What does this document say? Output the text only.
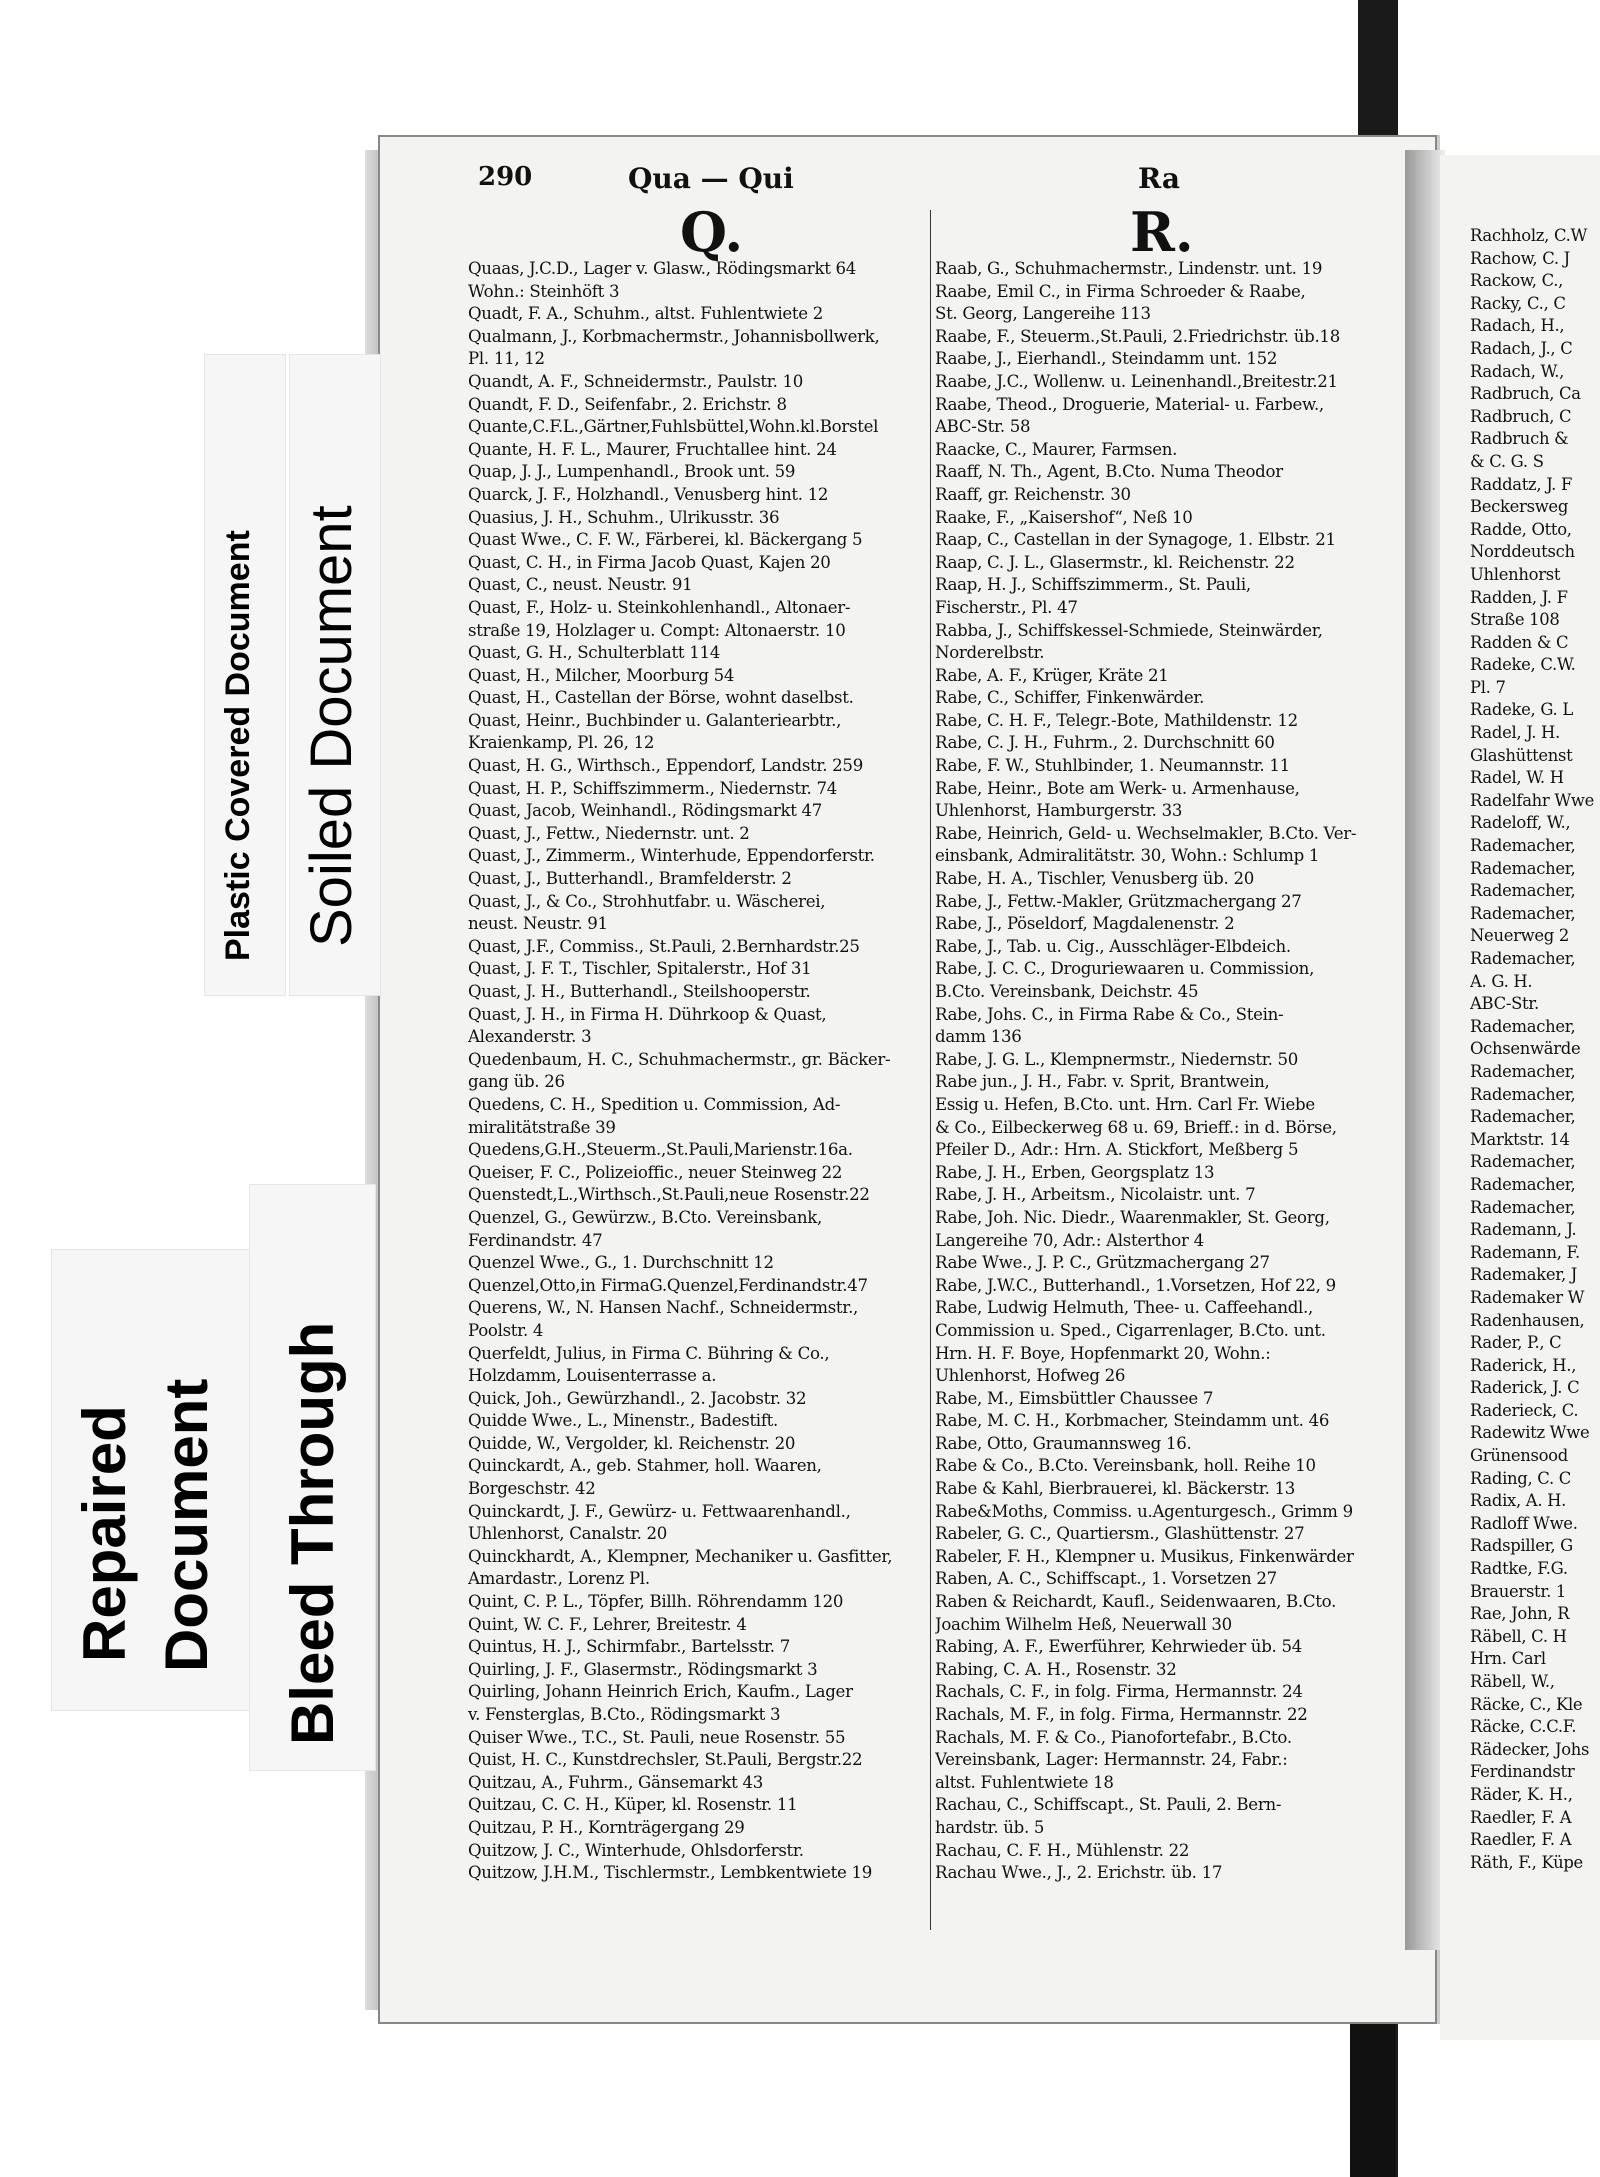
Rachholz, C.W
Rachow, C. J
Rackow, C.,
Racky, C., C
Radach, H.,
Radach, J., C
Radach, W.,
Radbruch, Ca
Radbruch, C
Radbruch &
& C. G. S
Raddatz, J. F
Beckersweg
Radde, Otto,
Norddeutsch
Uhlenhorst
Radden, J. F
Straße 108
Radden & C
Radeke, C.W.
Pl. 7
Radeke, G. L
Radel, J. H.
Glashüttenst
Radel, W. H
Radelfahr Wwe
Radeloff, W.,
Rademacher,
Rademacher,
Rademacher,
Rademacher,
Neuerweg 2
Rademacher,
A. G. H.
ABC-Str.
Rademacher,
Ochsenwärde
Rademacher,
Rademacher,
Rademacher,
Marktstr. 14
Rademacher,
Rademacher,
Rademacher,
Rademann, J.
Rademann, F.
Rademaker, J
Rademaker W
Radenhausen,
Rader, P., C
Raderick, H.,
Raderick, J. C
Raderieck, C.
Radewitz Wwe
Grünensood
Rading, C. C
Radix, A. H.
Radloff Wwe.
Radspiller, G
Radtke, F.G.
Brauerstr. 1
Rae, John, R
Räbell, C. H
Hrn. Carl
Räbell, W.,
Räcke, C., Kle
Räcke, C.C.F.
Rädecker, Johs
Ferdinandstr
Räder, K. H.,
Raedler, F. A
Raedler, F. A
Räth, F., Küpe
290	Qua — Qui	Ra
Q.	R.
Quaas, J.C.D., Lager v. Glasw., Rödingsmarkt 64
Wohn.: Steinhöft 3
Quadt, F. A., Schuhm., altst. Fuhlentwiete 2
Qualmann, J., Korbmachermstr., Johannisbollwerk,
Pl. 11, 12
Quandt, A. F., Schneidermstr., Paulstr. 10
Quandt, F. D., Seifenfabr., 2. Erichstr. 8
Quante,C.F.L.,Gärtner,Fuhlsbüttel,Wohn.kl.Borstel
Quante, H. F. L., Maurer, Fruchtallee hint. 24
Quap, J. J., Lumpenhandl., Brook unt. 59
Quarck, J. F., Holzhandl., Venusberg hint. 12
Quasius, J. H., Schuhm., Ulrikusstr. 36
Quast Wwe., C. F. W., Färberei, kl. Bäckergang 5
Quast, C. H., in Firma Jacob Quast, Kajen 20
Quast, C., neust. Neustr. 91
Quast, F., Holz- u. Steinkohlenhandl., Altonaer-
straße 19, Holzlager u. Compt: Altonaerstr. 10
Quast, G. H., Schulterblatt 114
Quast, H., Milcher, Moorburg 54
Quast, H., Castellan der Börse, wohnt daselbst.
Quast, Heinr., Buchbinder u. Galanteriearbtr.,
Kraienkamp, Pl. 26, 12
Quast, H. G., Wirthsch., Eppendorf, Landstr. 259
Quast, H. P., Schiffszimmerm., Niedernstr. 74
Quast, Jacob, Weinhandl., Rödingsmarkt 47
Quast, J., Fettw., Niedernstr. unt. 2
Quast, J., Zimmerm., Winterhude, Eppendorferstr.
Quast, J., Butterhandl., Bramfelderstr. 2
Quast, J., & Co., Strohhutfabr. u. Wäscherei,
neust. Neustr. 91
Quast, J.F., Commiss., St.Pauli, 2.Bernhardstr.25
Quast, J. F. T., Tischler, Spitalerstr., Hof 31
Quast, J. H., Butterhandl., Steilshooperstr.
Quast, J. H., in Firma H. Dührkoop & Quast,
Alexanderstr. 3
Quedenbaum, H. C., Schuhmachermstr., gr. Bäcker-
gang üb. 26
Quedens, C. H., Spedition u. Commission, Ad-
miralitätstraße 39
Quedens,G.H.,Steuerm.,St.Pauli,Marienstr.16a.
Queiser, F. C., Polizeioffic., neuer Steinweg 22
Quenstedt,L.,Wirthsch.,St.Pauli,neue Rosenstr.22
Quenzel, G., Gewürzw., B.Cto. Vereinsbank,
Ferdinandstr. 47
Quenzel Wwe., G., 1. Durchschnitt 12
Quenzel,Otto,in FirmaG.Quenzel,Ferdinandstr.47
Querens, W., N. Hansen Nachf., Schneidermstr.,
Poolstr. 4
Querfeldt, Julius, in Firma C. Bühring & Co.,
Holzdamm, Louisenterrasse a.
Quick, Joh., Gewürzhandl., 2. Jacobstr. 32
Quidde Wwe., L., Minenstr., Badestift.
Quidde, W., Vergolder, kl. Reichenstr. 20
Quinckardt, A., geb. Stahmer, holl. Waaren,
Borgeschstr. 42
Quinckardt, J. F., Gewürz- u. Fettwaarenhandl.,
Uhlenhorst, Canalstr. 20
Quinckhardt, A., Klempner, Mechaniker u. Gasfitter,
Amardastr., Lorenz Pl.
Quint, C. P. L., Töpfer, Billh. Röhrendamm 120
Quint, W. C. F., Lehrer, Breitestr. 4
Quintus, H. J., Schirmfabr., Bartelsstr. 7
Quirling, J. F., Glasermstr., Rödingsmarkt 3
Quirling, Johann Heinrich Erich, Kaufm., Lager
v. Fensterglas, B.Cto., Rödingsmarkt 3
Quiser Wwe., T.C., St. Pauli, neue Rosenstr. 55
Quist, H. C., Kunstdrechsler, St.Pauli, Bergstr.22
Quitzau, A., Fuhrm., Gänsemarkt 43
Quitzau, C. C. H., Küper, kl. Rosenstr. 11
Quitzau, P. H., Kornträgergang 29
Quitzow, J. C., Winterhude, Ohlsdorferstr.
Quitzow, J.H.M., Tischlermstr., Lembkentwiete 19
Raab, G., Schuhmachermstr., Lindenstr. unt. 19
Raabe, Emil C., in Firma Schroeder & Raabe,
St. Georg, Langereihe 113
Raabe, F., Steuerm.,St.Pauli, 2.Friedrichstr. üb.18
Raabe, J., Eierhandl., Steindamm unt. 152
Raabe, J.C., Wollenw. u. Leinenhandl.,Breitestr.21
Raabe, Theod., Droguerie, Material- u. Farbew.,
ABC-Str. 58
Raacke, C., Maurer, Farmsen.
Raaff, N. Th., Agent, B.Cto. Numa Theodor
Raaff, gr. Reichenstr. 30
Raake, F., „Kaisershof“, Neß 10
Raap, C., Castellan in der Synagoge, 1. Elbstr. 21
Raap, C. J. L., Glasermstr., kl. Reichenstr. 22
Raap, H. J., Schiffszimmerm., St. Pauli,
Fischerstr., Pl. 47
Rabba, J., Schiffskessel-Schmiede, Steinwärder,
Norderelbstr.
Rabe, A. F., Krüger, Kräte 21
Rabe, C., Schiffer, Finkenwärder.
Rabe, C. H. F., Telegr.-Bote, Mathildenstr. 12
Rabe, C. J. H., Fuhrm., 2. Durchschnitt 60
Rabe, F. W., Stuhlbinder, 1. Neumannstr. 11
Rabe, Heinr., Bote am Werk- u. Armenhause,
Uhlenhorst, Hamburgerstr. 33
Rabe, Heinrich, Geld- u. Wechselmakler, B.Cto. Ver-
einsbank, Admiralitätstr. 30, Wohn.: Schlump 1
Rabe, H. A., Tischler, Venusberg üb. 20
Rabe, J., Fettw.-Makler, Grützmachergang 27
Rabe, J., Pöseldorf, Magdalenenstr. 2
Rabe, J., Tab. u. Cig., Ausschläger-Elbdeich.
Rabe, J. C. C., Droguriewaaren u. Commission,
B.Cto. Vereinsbank, Deichstr. 45
Rabe, Johs. C., in Firma Rabe & Co., Stein-
damm 136
Rabe, J. G. L., Klempnermstr., Niedernstr. 50
Rabe jun., J. H., Fabr. v. Sprit, Brantwein,
Essig u. Hefen, B.Cto. unt. Hrn. Carl Fr. Wiebe
& Co., Eilbeckerweg 68 u. 69, Brieff.: in d. Börse,
Pfeiler D., Adr.: Hrn. A. Stickfort, Meßberg 5
Rabe, J. H., Erben, Georgsplatz 13
Rabe, J. H., Arbeitsm., Nicolaistr. unt. 7
Rabe, Joh. Nic. Diedr., Waarenmakler, St. Georg,
Langereihe 70, Adr.: Alsterthor 4
Rabe Wwe., J. P. C., Grützmachergang 27
Rabe, J.W.C., Butterhandl., 1.Vorsetzen, Hof 22, 9
Rabe, Ludwig Helmuth, Thee- u. Caffeehandl.,
Commission u. Sped., Cigarrenlager, B.Cto. unt.
Hrn. H. F. Boye, Hopfenmarkt 20, Wohn.:
Uhlenhorst, Hofweg 26
Rabe, M., Eimsbüttler Chaussee 7
Rabe, M. C. H., Korbmacher, Steindamm unt. 46
Rabe, Otto, Graumannsweg 16.
Rabe & Co., B.Cto. Vereinsbank, holl. Reihe 10
Rabe & Kahl, Bierbrauerei, kl. Bäckerstr. 13
Rabe&Moths, Commiss. u.Agenturgesch., Grimm 9
Rabeler, G. C., Quartiersm., Glashüttenstr. 27
Rabeler, F. H., Klempner u. Musikus, Finkenwärder
Raben, A. C., Schiffscapt., 1. Vorsetzen 27
Raben & Reichardt, Kaufl., Seidenwaaren, B.Cto.
Joachim Wilhelm Heß, Neuerwall 30
Rabing, A. F., Ewerführer, Kehrwieder üb. 54
Rabing, C. A. H., Rosenstr. 32
Rachals, C. F., in folg. Firma, Hermannstr. 24
Rachals, M. F., in folg. Firma, Hermannstr. 22
Rachals, M. F. & Co., Pianofortefabr., B.Cto.
Vereinsbank, Lager: Hermannstr. 24, Fabr.:
altst. Fuhlentwiete 18
Rachau, C., Schiffscapt., St. Pauli, 2. Bern-
hardstr. üb. 5
Rachau, C. F. H., Mühlenstr. 22
Rachau Wwe., J., 2. Erichstr. üb. 17
Plastic Covered Document Soiled Document
Repaired Document Bleed Through
